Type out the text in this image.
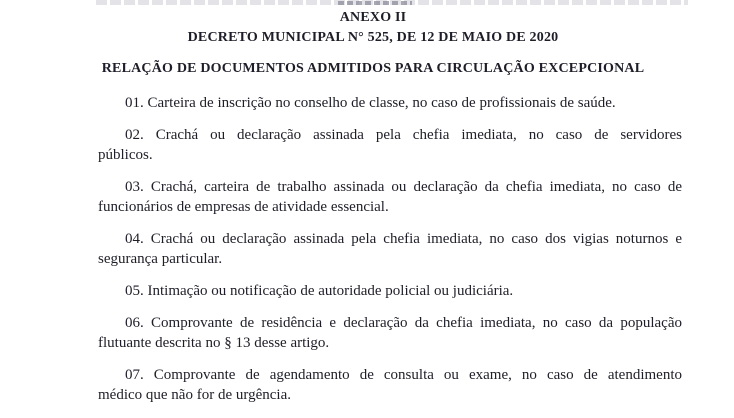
ANEXO II
DECRETO MUNICIPAL N° 525, DE 12 DE MAIO DE 2020
RELAÇÃO DE DOCUMENTOS ADMITIDOS PARA CIRCULAÇÃO EXCEPCIONAL
01. Carteira de inscrição no conselho de classe, no caso de profissionais de saúde.
02. Crachá ou declaração assinada pela chefia imediata, no caso de servidores
públicos.
03. Crachá, carteira de trabalho assinada ou declaração da chefia imediata, no caso de
funcionários de empresas de atividade essencial.
04. Crachá ou declaração assinada pela chefia imediata, no caso dos vigias noturnos e
segurança particular.
05. Intimação ou notificação de autoridade policial ou judiciária.
06. Comprovante de residência e declaração da chefia imediata, no caso da população
flutuante descrita no § 13 desse artigo.
07. Comprovante de agendamento de consulta ou exame, no caso de atendimento
médico que não for de urgência.
